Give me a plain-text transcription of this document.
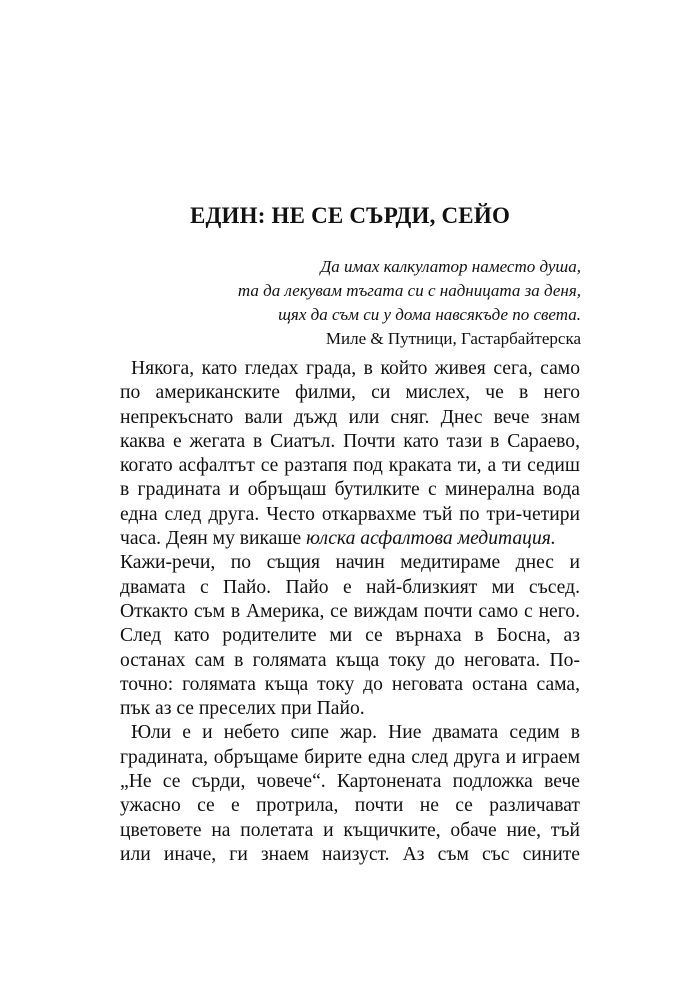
ЕДИН: НЕ СЕ СЪРДИ, СЕЙО
Да имах калкулатор наместо душа,
та да лекувам тъгата си с надницата за деня,
щях да съм си у дома навсякъде по света.
Миле & Путници, Гастарбайтерска
Някога, като гледах града, в който живея сега, само
по американските филми, си мислех, че в него
непрекъснато вали дъжд или сняг. Днес вече знам
каква е жегата в Сиатъл. Почти като тази в Сараево,
когато асфалтът се разтапя под краката ти, а ти седиш
в градината и обръщаш бутилките с минерална вода
една след друга. Често откарвахме тъй по три-четири
часа. Деян му викаше юлска асфалтова медитация.
Кажи-речи, по същия начин медитираме днес и
двамата с Пайо. Пайо е най-близкият ми съсед.
Откакто съм в Америка, се виждам почти само с него.
След като родителите ми се върнаха в Босна, аз
останах сам в голямата къща току до неговата. По-
точно: голямата къща току до неговата остана сама,
пък аз се преселих при Пайо.
Юли е и небето сипе жар. Ние двамата седим в
градината, обръщаме бирите една след друга и играем
„Не се сърди, човече“. Картонената подложка вече
ужасно се е протрила, почти не се различават
цветовете на полетата и къщичките, обаче ние, тъй
или иначе, ги знаем наизуст. Аз съм със сините
